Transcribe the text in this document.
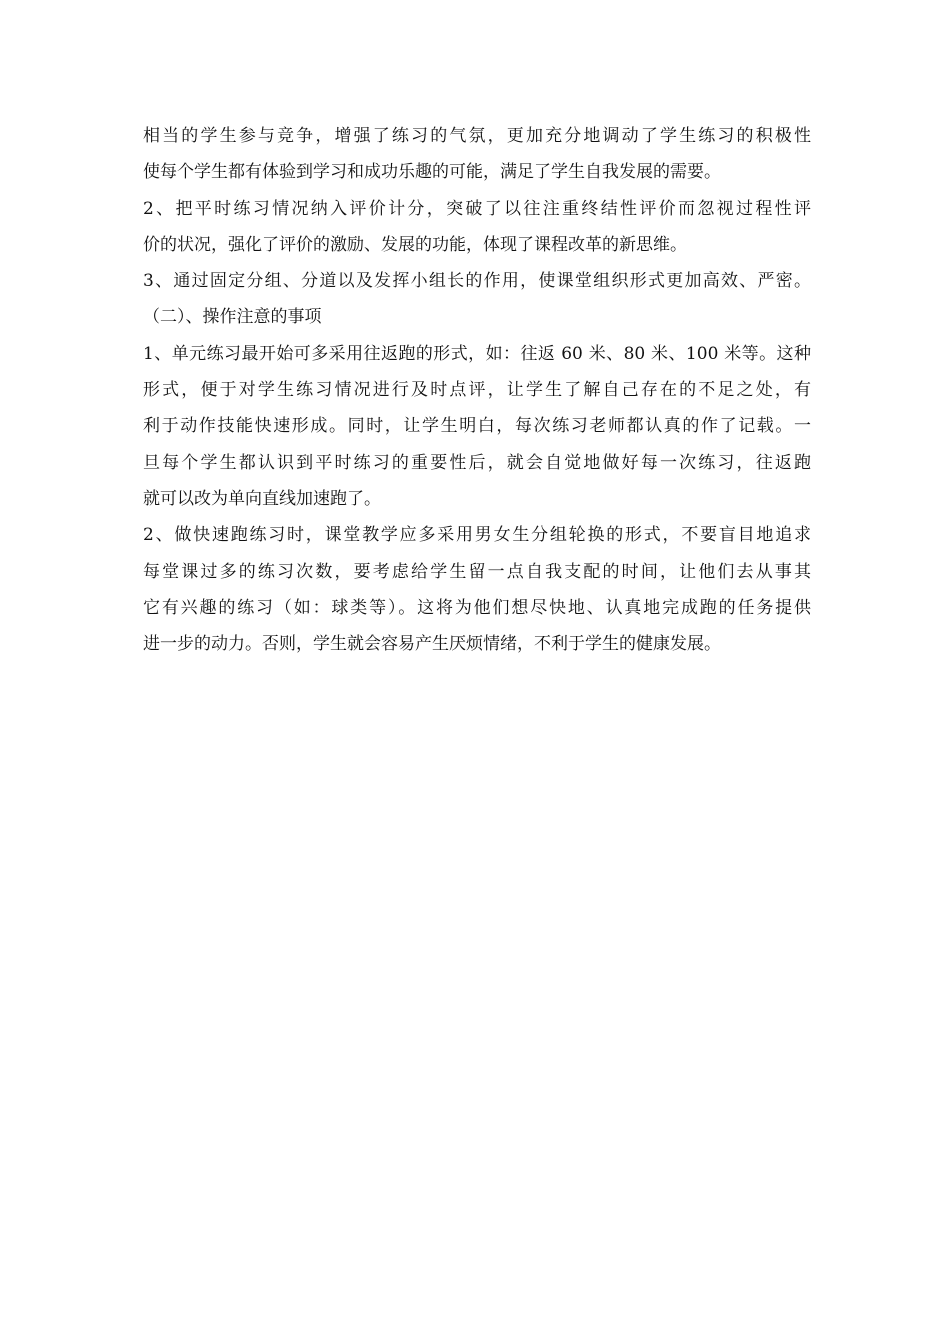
相当的学生参与竞争，增强了练习的气氛，更加充分地调动了学生练习的积极性
使每个学生都有体验到学习和成功乐趣的可能，满足了学生自我发展的需要。
2、把平时练习情况纳入评价计分，突破了以往注重终结性评价而忽视过程性评
价的状况，强化了评价的激励、发展的功能，体现了课程改革的新思维。
3、通过固定分组、分道以及发挥小组长的作用，使课堂组织形式更加高效、严密。
（二）、操作注意的事项
1、单元练习最开始可多采用往返跑的形式，如：往返 60 米、80 米、100 米等。这种
形式，便于对学生练习情况进行及时点评，让学生了解自己存在的不足之处，有
利于动作技能快速形成。同时，让学生明白，每次练习老师都认真的作了记载。一
旦每个学生都认识到平时练习的重要性后，就会自觉地做好每一次练习，往返跑
就可以改为单向直线加速跑了。
2、做快速跑练习时，课堂教学应多采用男女生分组轮换的形式，不要盲目地追求
每堂课过多的练习次数，要考虑给学生留一点自我支配的时间，让他们去从事其
它有兴趣的练习（如：球类等）。这将为他们想尽快地、认真地完成跑的任务提供
进一步的动力。否则，学生就会容易产生厌烦情绪，不利于学生的健康发展。
